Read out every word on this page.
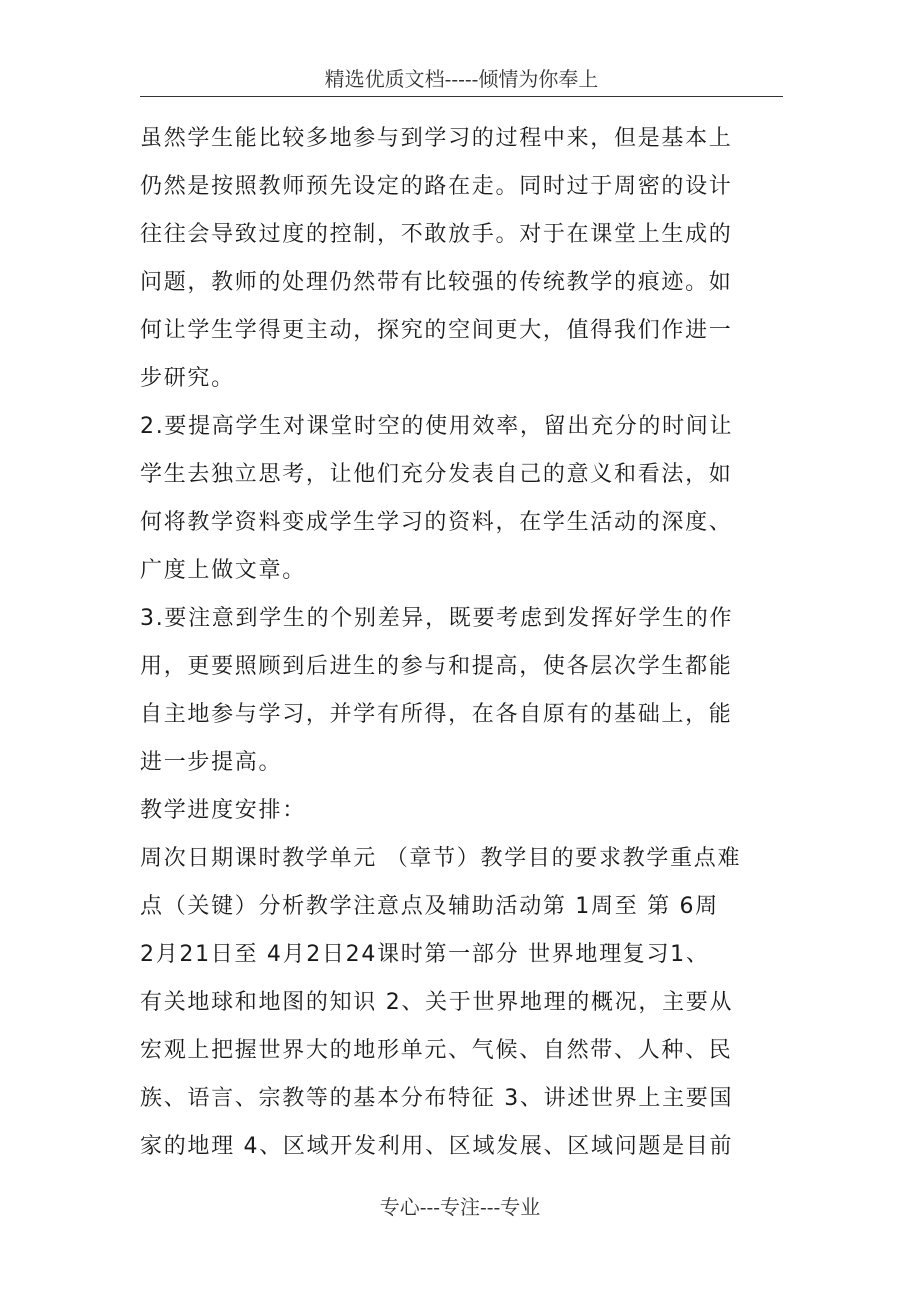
精选优质文档-----倾情为你奉上
虽然学生能比较多地参与到学习的过程中来，但是基本上
仍然是按照教师预先设定的路在走。同时过于周密的设计
往往会导致过度的控制，不敢放手。对于在课堂上生成的
问题，教师的处理仍然带有比较强的传统教学的痕迹。如
何让学生学得更主动，探究的空间更大，值得我们作进一
步研究。
2.要提高学生对课堂时空的使用效率，留出充分的时间让
学生去独立思考，让他们充分发表自己的意义和看法，如
何将教学资料变成学生学习的资料，在学生活动的深度、
广度上做文章。
3.要注意到学生的个别差异，既要考虑到发挥好学生的作
用，更要照顾到后进生的参与和提高，使各层次学生都能
自主地参与学习，并学有所得，在各自原有的基础上，能
进一步提高。
教学进度安排：
周次日期课时教学单元 （章节）教学目的要求教学重点难
点（关键）分析教学注意点及辅助活动第 1周至 第 6周
2月21日至 4月2日24课时第一部分 世界地理复习1、
有关地球和地图的知识 2、关于世界地理的概况，主要从
宏观上把握世界大的地形单元、气候、自然带、人种、民
族、语言、宗教等的基本分布特征 3、讲述世界上主要国
家的地理 4、区域开发利用、区域发展、区域问题是目前
专心---专注---专业
